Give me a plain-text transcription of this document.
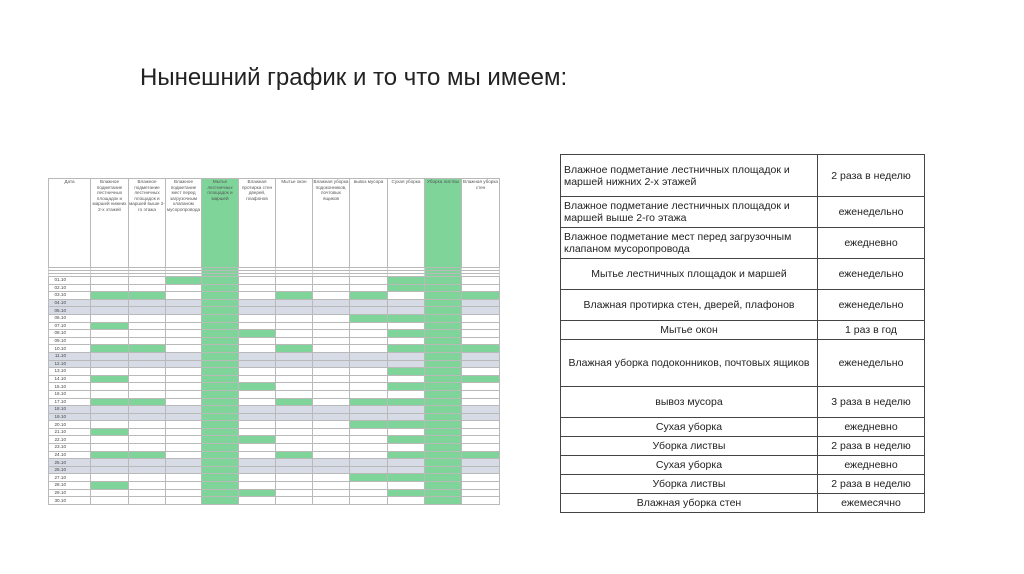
Нынешний график и то что мы имеем:
Дата	Влажное подметание лестничных площадок и маршей нижних 2-х этажей	Влажное подметание лестничных площадок и маршей выше 2-го этажа	Влажное подметание мест перед загрузочным клапаном мусоропровода	Мытье лестничных площадок и маршей	Влажная протирка стен дверей, плафонов	Мытье окон	Влажная уборка подоконников, почтовых ящиков	вывоз мусора	Сухая уборка	Уборка листвы	Влажная уборка стен

01.10											
02.10											
03.10											
04.10											
05.10											
06.10											
07.10											
08.10											
09.10											
10.10											
11.10											
12.10											
13.10											
14.10											
15.10											
16.10											
17.10											
18.10											
19.10											
20.10											
21.10											
22.10											
23.10											
24.10											
25.10											
26.10											
27.10											
28.10											
29.10											
30.10											
Влажное подметание лестничных площадок и маршей нижних 2-х этажей	2 раза в неделю
Влажное подметание лестничных площадок и маршей выше 2-го этажа	еженедельно
Влажное подметание мест перед загрузочным клапаном мусоропровода	ежедневно
Мытье лестничных площадок и маршей	еженедельно
Влажная протирка стен, дверей, плафонов	еженедельно
Мытье окон	1 раз в год
Влажная уборка подоконников, почтовых ящиков	еженедельно
вывоз мусора	3 раза в неделю
Сухая уборка	ежедневно
Уборка листвы	2 раза в неделю
Сухая уборка	ежедневно
Уборка листвы	2 раза в неделю
Влажная уборка стен	ежемесячно
